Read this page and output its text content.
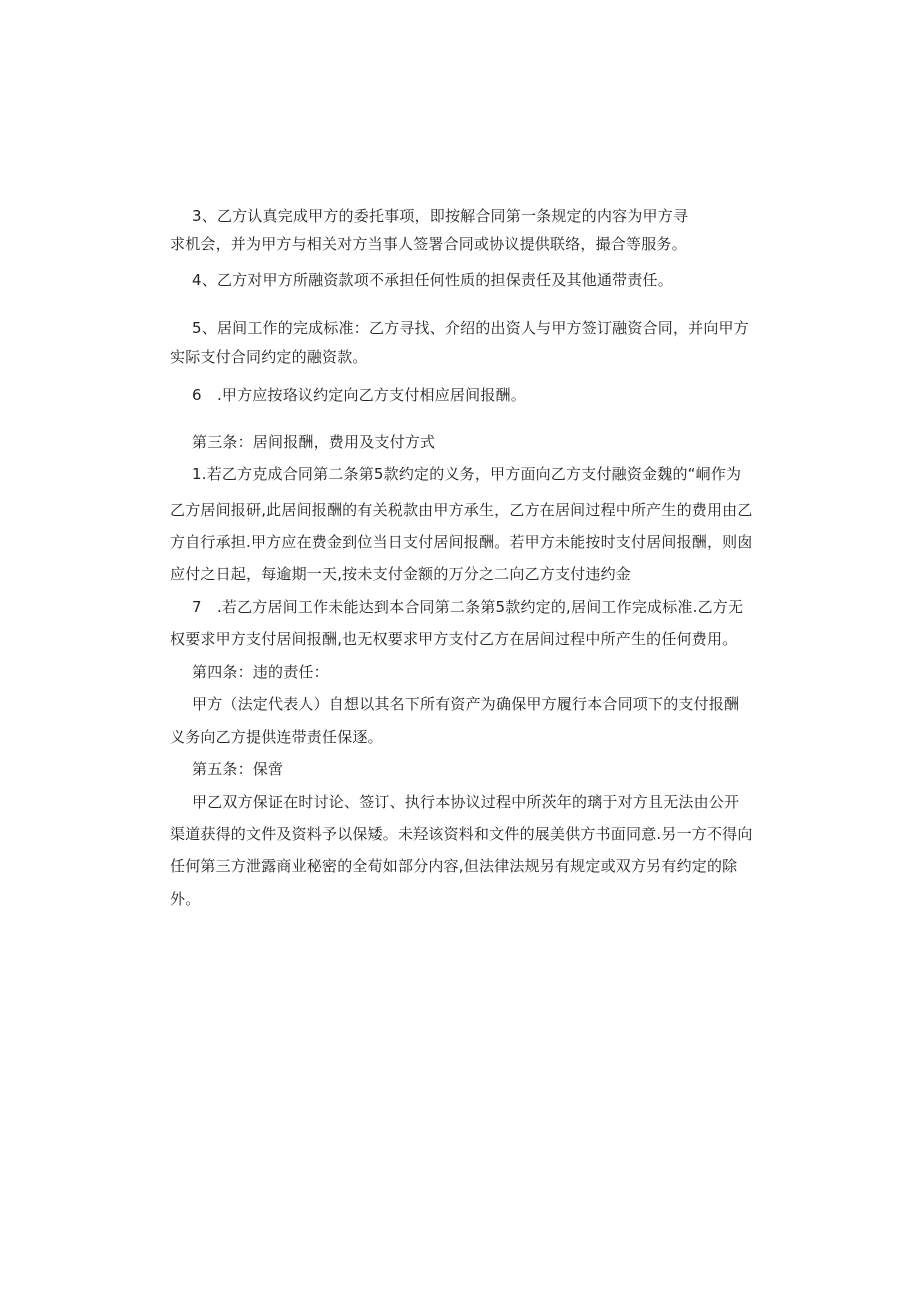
3、乙方认真完成甲方的委托事项，即按解合同第一条规定的内容为甲方寻
求机会，并为甲方与相关对方当事人签署合同或协议提供联络，撮合等服务。
4、乙方对甲方所融资款项不承担任何性质的担保责任及其他通带责任。
5、居间工作的完成标准：乙方寻找、介绍的出资人与甲方签订融资合同，并向甲方
实际支付合同约定的融资款。
6　.甲方应按珞议约定向乙方支付相应居间报酬。
第三条：居间报酬，费用及支付方式
1.若乙方克成合同第二条第5款约定的义务，甲方面向乙方支付融资金魏的“峒作为
乙方居间报研,此居间报酬的有关税款由甲方承生，乙方在居间过程中所产生的费用由乙
方自行承担.甲方应在费金到位当日支付居间报酬。若甲方未能按时支付居间报酬，则囱
应付之日起，每逾期一天,按未支付金额的万分之二向乙方支付违约金
7　.若乙方居间工作未能达到本合同第二条第5款约定的,居间工作完成标准.乙方无
权要求甲方支付居间报酬,也无权要求甲方支付乙方在居间过程中所产生的任何费用。
第四条：违的责任：
甲方（法定代表人）自想以其名下所有资产为确保甲方履行本合同项下的支付报酬
义务向乙方提供连带责任保逐。
第五条：保啻
甲乙双方保证在时讨论、签订、执行本协议过程中所茨年的璃于对方且无法由公开
渠道获得的文件及资料予以保矮。未羟该资料和文件的展美供方书面同意.另一方不得向
任何第三方泄露商业秘密的全荀如部分内容,但法律法规另有规定或双方另有约定的除
外。
